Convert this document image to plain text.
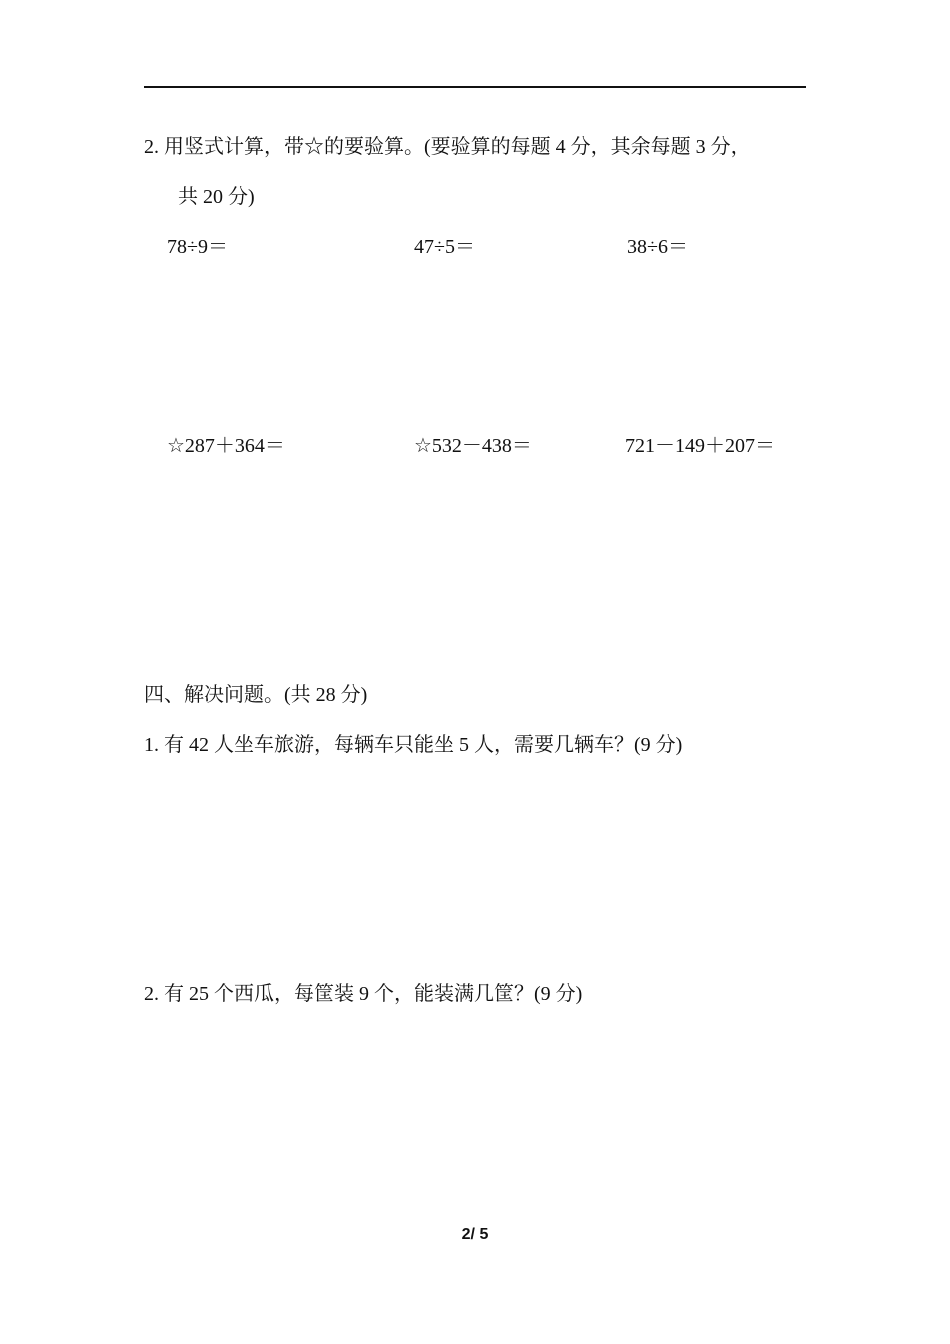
2. 用竖式计算，带☆的要验算。(要验算的每题 4 分，其余每题 3 分，
共 20 分)
78÷9＝	47÷5＝	38÷6＝
☆287＋364＝	☆532－438＝	721－149＋207＝
四、解决问题。(共 28 分)
1. 有 42 人坐车旅游，每辆车只能坐 5 人，需要几辆车？(9 分)
2. 有 25 个西瓜，每筐装 9 个，能装满几筐？(9 分)
2/ 5
